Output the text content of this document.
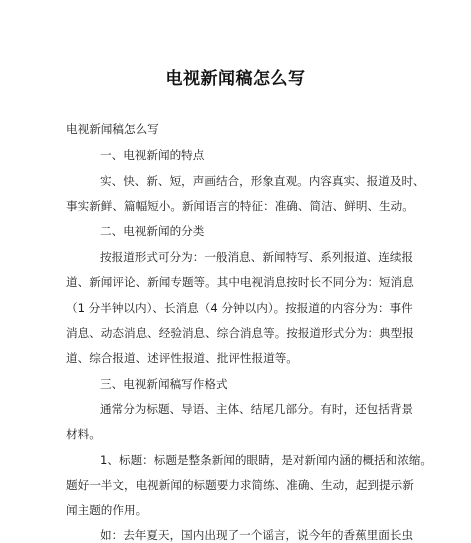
电视新闻稿怎么写
电视新闻稿怎么写
一、电视新闻的特点
实、快、新、短，声画结合，形象直观。内容真实、报道及时、
事实新鲜、篇幅短小。新闻语言的特征：准确、简洁、鲜明、生动。
二、电视新闻的分类
按报道形式可分为：一般消息、新闻特写、系列报道、连续报
道、新闻评论、新闻专题等。其中电视消息按时长不同分为：短消息
（1 分半钟以内）、长消息（4 分钟以内）。按报道的内容分为：事件
消息、动态消息、经验消息、综合消息等。按报道形式分为：典型报
道、综合报道、述评性报道、批评性报道等。
三、电视新闻稿写作格式
通常分为标题、导语、主体、结尾几部分。有时，还包括背景
材料。
1、标题：标题是整条新闻的眼睛，是对新闻内涵的概括和浓缩。
题好一半文，电视新闻的标题要力求简练、准确、生动，起到提示新
闻主题的作用。
如：去年夏天，国内出现了一个谣言，说今年的香蕉里面长虫
